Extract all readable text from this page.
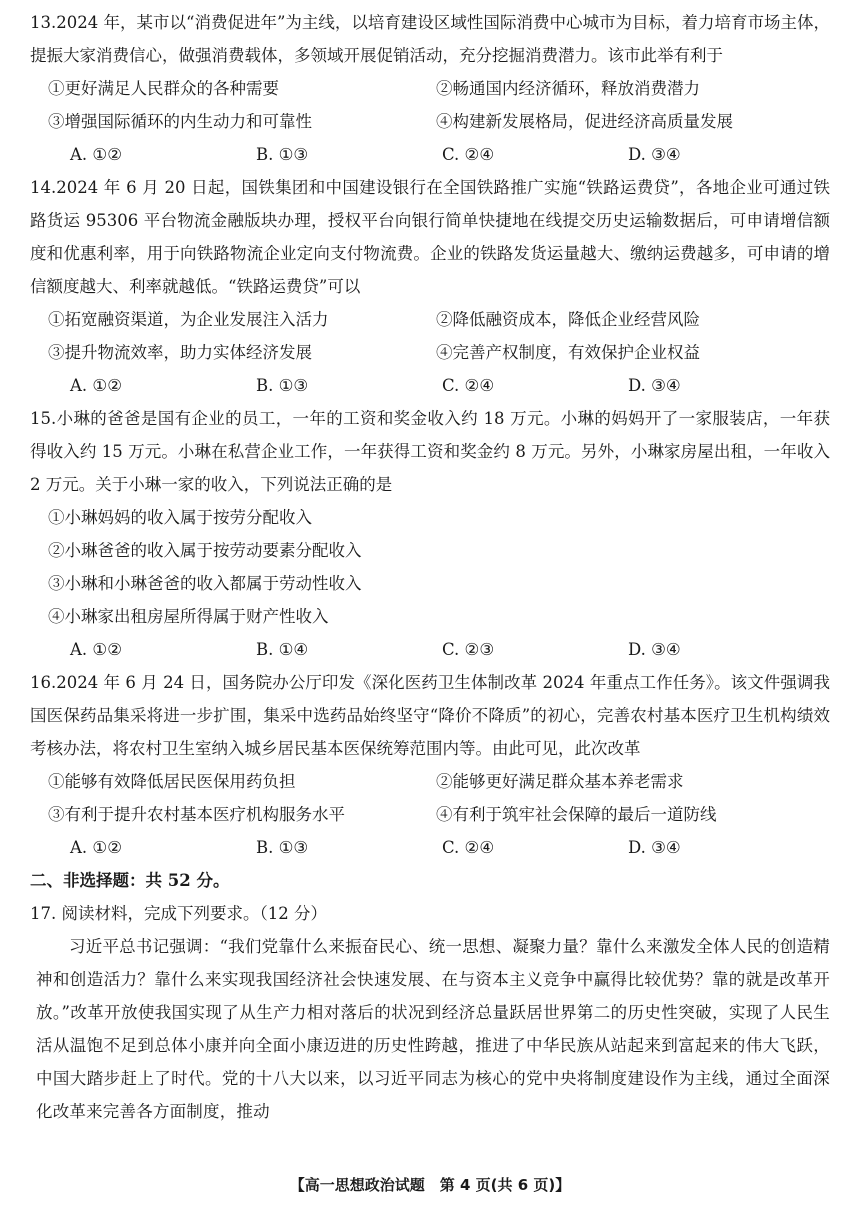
13.2024 年，某市以“消费促进年”为主线，以培育建设区域性国际消费中心城市为目标，着力培育市场主体，提振大家消费信心，做强消费载体，多领域开展促销活动，充分挖掘消费潜力。该市此举有利于

①更好满足人民群众的各种需要	②畅通国内经济循环，释放消费潜力
③增强国际循环的内生动力和可靠性	④构建新发展格局，促进经济高质量发展
A. ①②	B. ①③	C. ②④	D. ③④

14.2024 年 6 月 20 日起，国铁集团和中国建设银行在全国铁路推广实施“铁路运费贷”，各地企业可通过铁路货运 95306 平台物流金融版块办理，授权平台向银行简单快捷地在线提交历史运输数据后，可申请增信额度和优惠利率，用于向铁路物流企业定向支付物流费。企业的铁路发货运量越大、缴纳运费越多，可申请的增信额度越大、利率就越低。“铁路运费贷”可以

①拓宽融资渠道，为企业发展注入活力	②降低融资成本，降低企业经营风险
③提升物流效率，助力实体经济发展	④完善产权制度，有效保护企业权益
A. ①②	B. ①③	C. ②④	D. ③④

15.小琳的爸爸是国有企业的员工，一年的工资和奖金收入约 18 万元。小琳的妈妈开了一家服装店，一年获得收入约 15 万元。小琳在私营企业工作，一年获得工资和奖金约 8 万元。另外，小琳家房屋出租，一年收入 2 万元。关于小琳一家的收入，下列说法正确的是

①小琳妈妈的收入属于按劳分配收入
②小琳爸爸的收入属于按劳动要素分配收入
③小琳和小琳爸爸的收入都属于劳动性收入
④小琳家出租房屋所得属于财产性收入
A. ①②	B. ①④	C. ②③	D. ③④

16.2024 年 6 月 24 日，国务院办公厅印发《深化医药卫生体制改革 2024 年重点工作任务》。该文件强调我国医保药品集采将进一步扩围，集采中选药品始终坚守“降价不降质”的初心，完善农村基本医疗卫生机构绩效考核办法，将农村卫生室纳入城乡居民基本医保统筹范围内等。由此可见，此次改革

①能够有效降低居民医保用药负担	②能够更好满足群众基本养老需求
③有利于提升农村基本医疗机构服务水平	④有利于筑牢社会保障的最后一道防线
A. ①②	B. ①③	C. ②④	D. ③④

二、非选择题：共 52 分。

17. 阅读材料，完成下列要求。（12 分）

习近平总书记强调：“我们党靠什么来振奋民心、统一思想、凝聚力量？靠什么来激发全体人民的创造精神和创造活力？靠什么来实现我国经济社会快速发展、在与资本主义竞争中赢得比较优势？靠的就是改革开放。”改革开放使我国实现了从生产力相对落后的状况到经济总量跃居世界第二的历史性突破，实现了人民生活从温饱不足到总体小康并向全面小康迈进的历史性跨越，推进了中华民族从站起来到富起来的伟大飞跃，中国大踏步赶上了时代。党的十八大以来，以习近平同志为核心的党中央将制度建设作为主线，通过全面深化改革来完善各方面制度，推动

【高一思想政治试题　第 4 页(共 6 页)】
